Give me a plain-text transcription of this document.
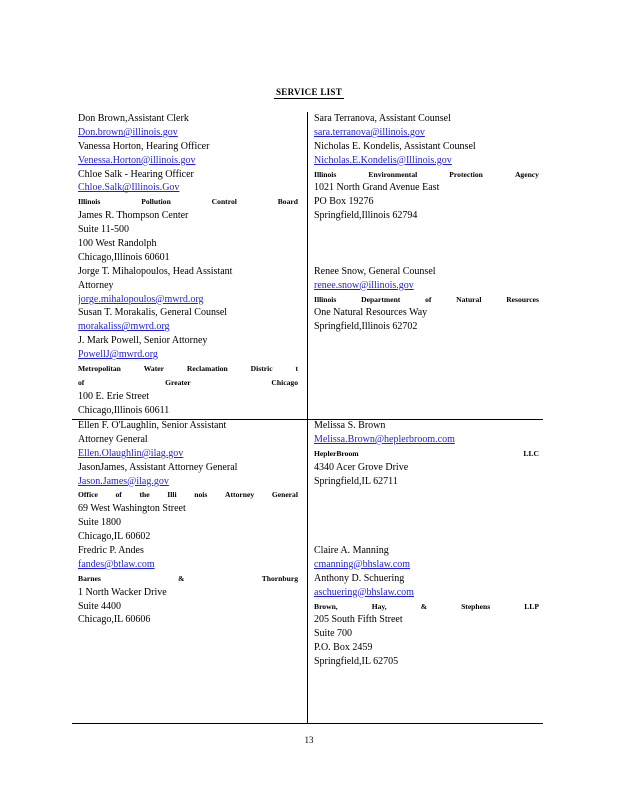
SERVICE LIST
Don Brown,Assistant Clerk
Don.brown@illinois.gov
Vanessa Horton, Hearing Officer
Venessa.Horton@illinois.gov
Chloe Salk - Hearing Officer
Chloe.Salk@Illinois.Gov
Illinois	Pollution	Control	Board
James R. Thompson Center
Suite 11-500
100 West Randolph
Chicago,Illinois 60601
Jorge T. Mihalopoulos, Head Assistant
Attorney
jorge.mihalopoulos@mwrd.org
Susan T. Morakalis, General Counsel
morakaliss@mwrd.org
J. Mark Powell, Senior Attorney
PowellJ@mwrd.org
Metropolitan	Water	Reclamation	Distric	t
of	Greater	Chicago
100 E. Erie Street
Chicago,Illinois 60611
Sara Terranova, Assistant Counsel
sara.terranova@illinois.gov
Nicholas E. Kondelis, Assistant Counsel
Nicholas.E.Kondelis@Illinois.gov
Illinois	Environmental	Protection	Agency
1021 North Grand Avenue East
PO Box 19276
Springfield,Illinois 62794
Renee Snow, General Counsel
renee.snow@illinois.gov
Illinois	Department	of	Natural	Resources
One Natural Resources Way
Springfield,Illinois 62702
Ellen F. O'Laughlin, Senior Assistant
Attorney General
Ellen.Olaughlin@ilag.gov
JasonJames, Assistant Attorney General
Jason.James@ilag.gov
Office of the Illi nois Attorney General
69 West Washington Street
Suite 1800
Chicago,IL 60602
Fredric P. Andes
fandes@btlaw.com
Barnes	&	Thornburg
1 North Wacker Drive
Suite 4400
Chicago,IL 60606
Melissa S. Brown
Melissa.Brown@heplerbroom.com
HeplerBroom	LLC
4340 Acer Grove Drive
Springfield,IL 62711
Claire A. Manning
cmanning@bhslaw.com
Anthony D. Schuering
aschuering@bhslaw.com
Brown,	Hay,	&	Stephens	LLP
205 South Fifth Street
Suite 700
P.O. Box 2459
Springfield,IL 62705
13
